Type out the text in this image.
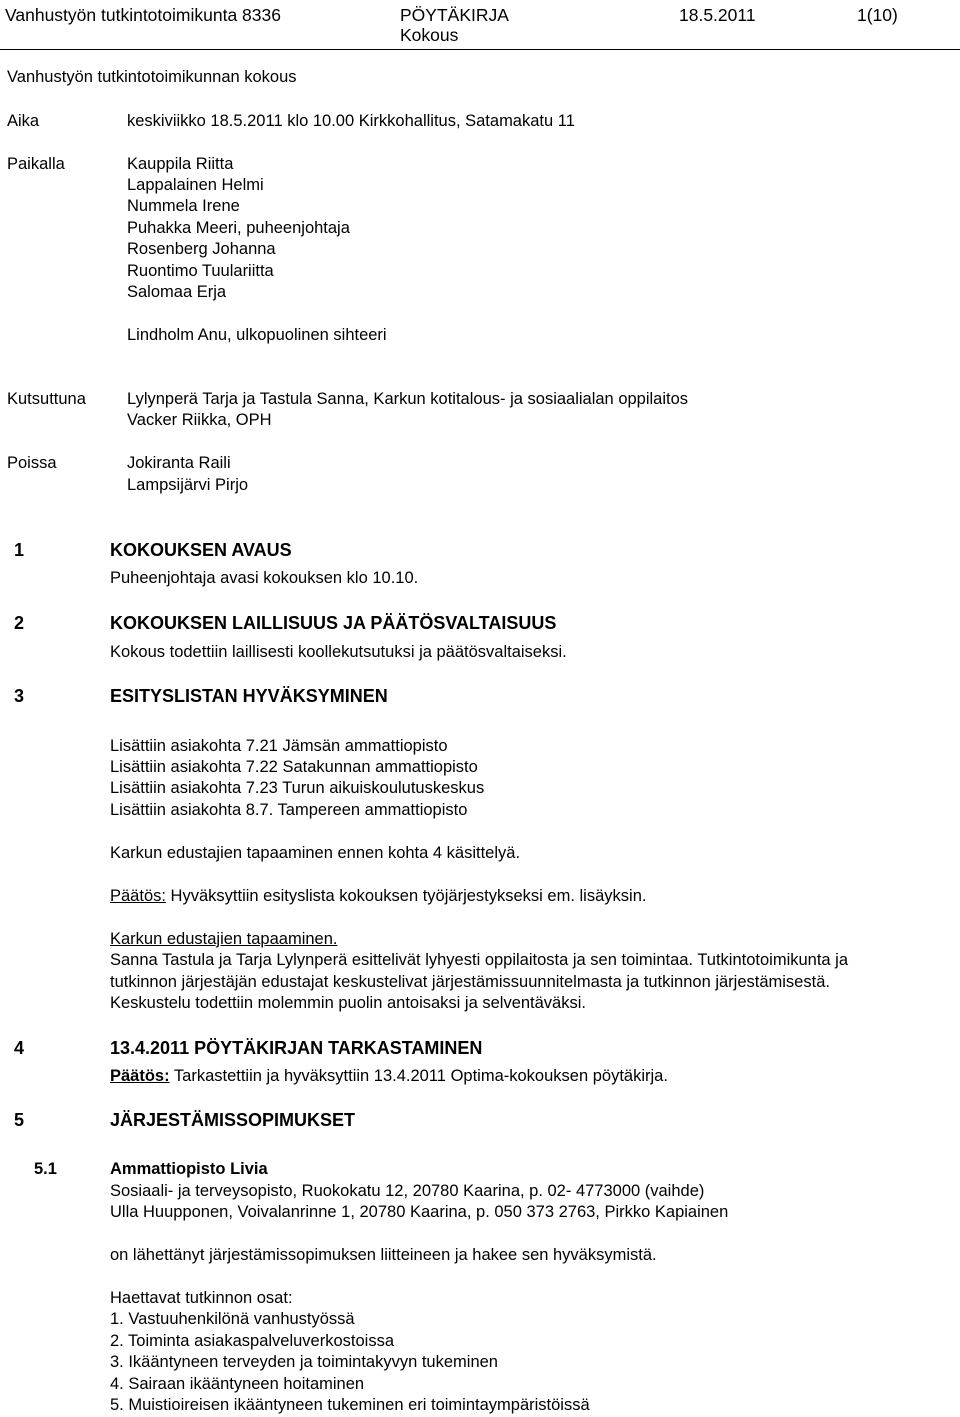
Vanhustyön tutkintotoimikunta 8336	PÖYTÄKIRJA
Kokous
18.5.2011	1(10)
Vanhustyön tutkintotoimikunnan kokous
Aika	keskiviikko 18.5.2011 klo 10.00 Kirkkohallitus, Satamakatu 11
Paikalla	Kauppila Riitta
Lappalainen Helmi
Nummela Irene
Puhakka Meeri, puheenjohtaja
Rosenberg Johanna
Ruontimo Tuulariitta
Salomaa Erja
Lindholm Anu, ulkopuolinen sihteeri
Kutsuttuna Lylynperä Tarja ja Tastula Sanna, Karkun kotitalous- ja sosiaalialan oppilaitos
Vacker Riikka, OPH
Poissa	Jokiranta Raili
Lampsijärvi Pirjo
1	KOKOUKSEN AVAUS
Puheenjohtaja avasi kokouksen klo 10.10.
2	KOKOUKSEN LAILLISUUS JA PÄÄTÖSVALTAISUUS
Kokous todettiin laillisesti koollekutsutuksi ja päätösvaltaiseksi.
3	ESITYSLISTAN HYVÄKSYMINEN
Lisättiin asiakohta 7.21 Jämsän ammattiopisto
Lisättiin asiakohta 7.22 Satakunnan ammattiopisto
Lisättiin asiakohta 7.23 Turun aikuiskoulutuskeskus
Lisättiin asiakohta 8.7. Tampereen ammattiopisto
Karkun edustajien tapaaminen ennen kohta 4 käsittelyä.
Päätös: Hyväksyttiin esityslista kokouksen työjärjestykseksi em. lisäyksin.
Karkun edustajien tapaaminen.
Sanna Tastula ja Tarja Lylynperä esittelivät lyhyesti oppilaitosta ja sen toimintaa. Tutkintotoimikunta ja
tutkinnon järjestäjän edustajat keskustelivat järjestämissuunnitelmasta ja tutkinnon järjestämisestä.
Keskustelu todettiin molemmin puolin antoisaksi ja selventäväksi.
4	13.4.2011 PÖYTÄKIRJAN TARKASTAMINEN
Päätös: Tarkastettiin ja hyväksyttiin 13.4.2011 Optima-kokouksen pöytäkirja.
5	JÄRJESTÄMISSOPIMUKSET
5.1	Ammattiopisto Livia
Sosiaali- ja terveysopisto, Ruokokatu 12, 20780 Kaarina, p. 02- 4773000 (vaihde)
Ulla Huupponen, Voivalanrinne 1, 20780 Kaarina, p. 050 373 2763, Pirkko Kapiainen
on lähettänyt järjestämissopimuksen liitteineen ja hakee sen hyväksymistä.
Haettavat tutkinnon osat:
1. Vastuuhenkilönä vanhustyössä
2. Toiminta asiakaspalveluverkostoissa
3. Ikääntyneen terveyden ja toimintakyvyn tukeminen
4. Sairaan ikääntyneen hoitaminen
5. Muistioireisen ikääntyneen tukeminen eri toimintaympäristöissä
